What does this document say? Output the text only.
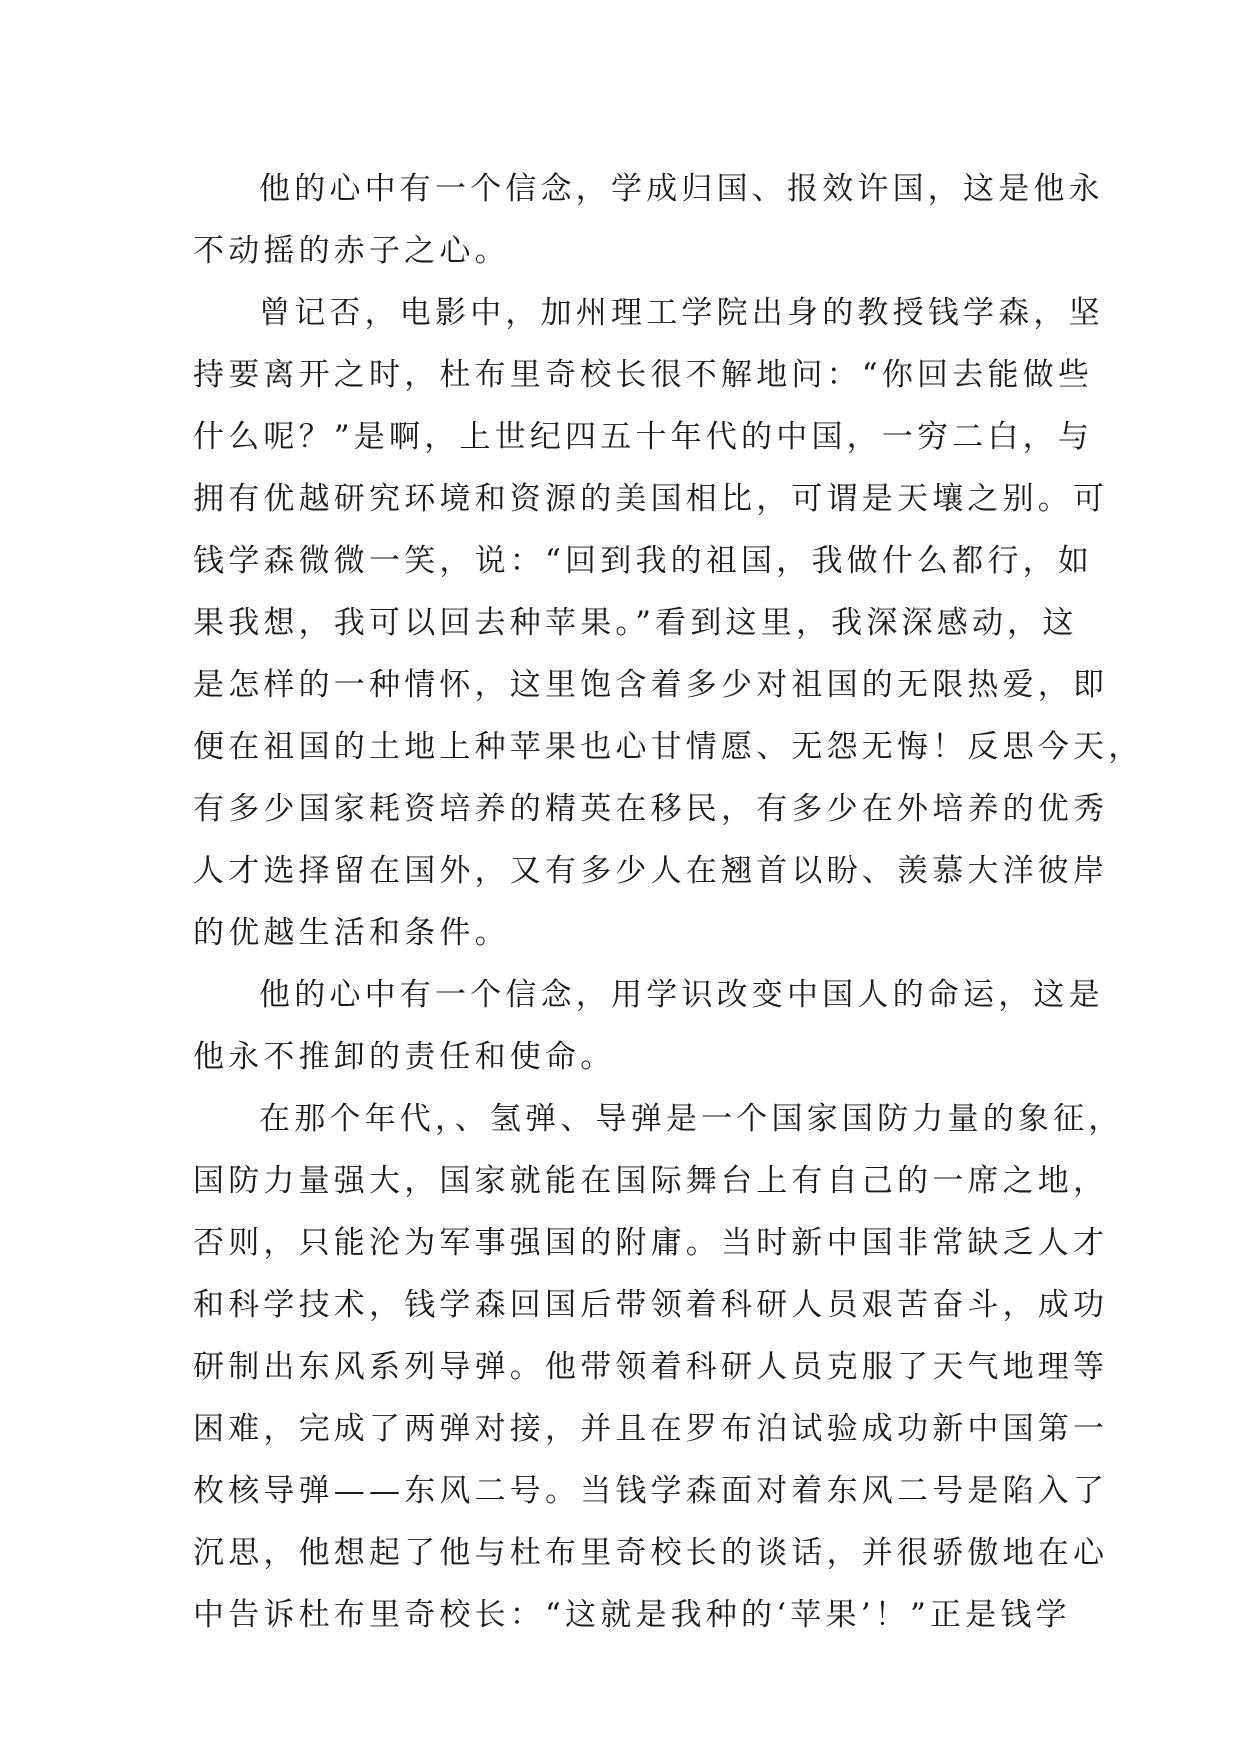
他的心中有一个信念，学成归国、报效许国，这是他永
不动摇的赤子之心。
曾记否，电影中，加州理工学院出身的教授钱学森，坚
持要离开之时，杜布里奇校长很不解地问：“你回去能做些
什么呢？”是啊，上世纪四五十年代的中国，一穷二白，与
拥有优越研究环境和资源的美国相比，可谓是天壤之别。可
钱学森微微一笑，说：“回到我的祖国，我做什么都行，如
果我想，我可以回去种苹果。”看到这里，我深深感动，这
是怎样的一种情怀，这里饱含着多少对祖国的无限热爱，即
便在祖国的土地上种苹果也心甘情愿、无怨无悔！反思今天，
有多少国家耗资培养的精英在移民，有多少在外培养的优秀
人才选择留在国外，又有多少人在翘首以盼、羡慕大洋彼岸
的优越生活和条件。
他的心中有一个信念，用学识改变中国人的命运，这是
他永不推卸的责任和使命。
在那个年代，、氢弹、导弹是一个国家国防力量的象征，
国防力量强大，国家就能在国际舞台上有自己的一席之地，
否则，只能沦为军事强国的附庸。当时新中国非常缺乏人才
和科学技术，钱学森回国后带领着科研人员艰苦奋斗，成功
研制出东风系列导弹。他带领着科研人员克服了天气地理等
困难，完成了两弹对接，并且在罗布泊试验成功新中国第一
枚核导弹——东风二号。当钱学森面对着东风二号是陷入了
沉思，他想起了他与杜布里奇校长的谈话，并很骄傲地在心
中告诉杜布里奇校长：“这就是我种的‘苹果’！”正是钱学
